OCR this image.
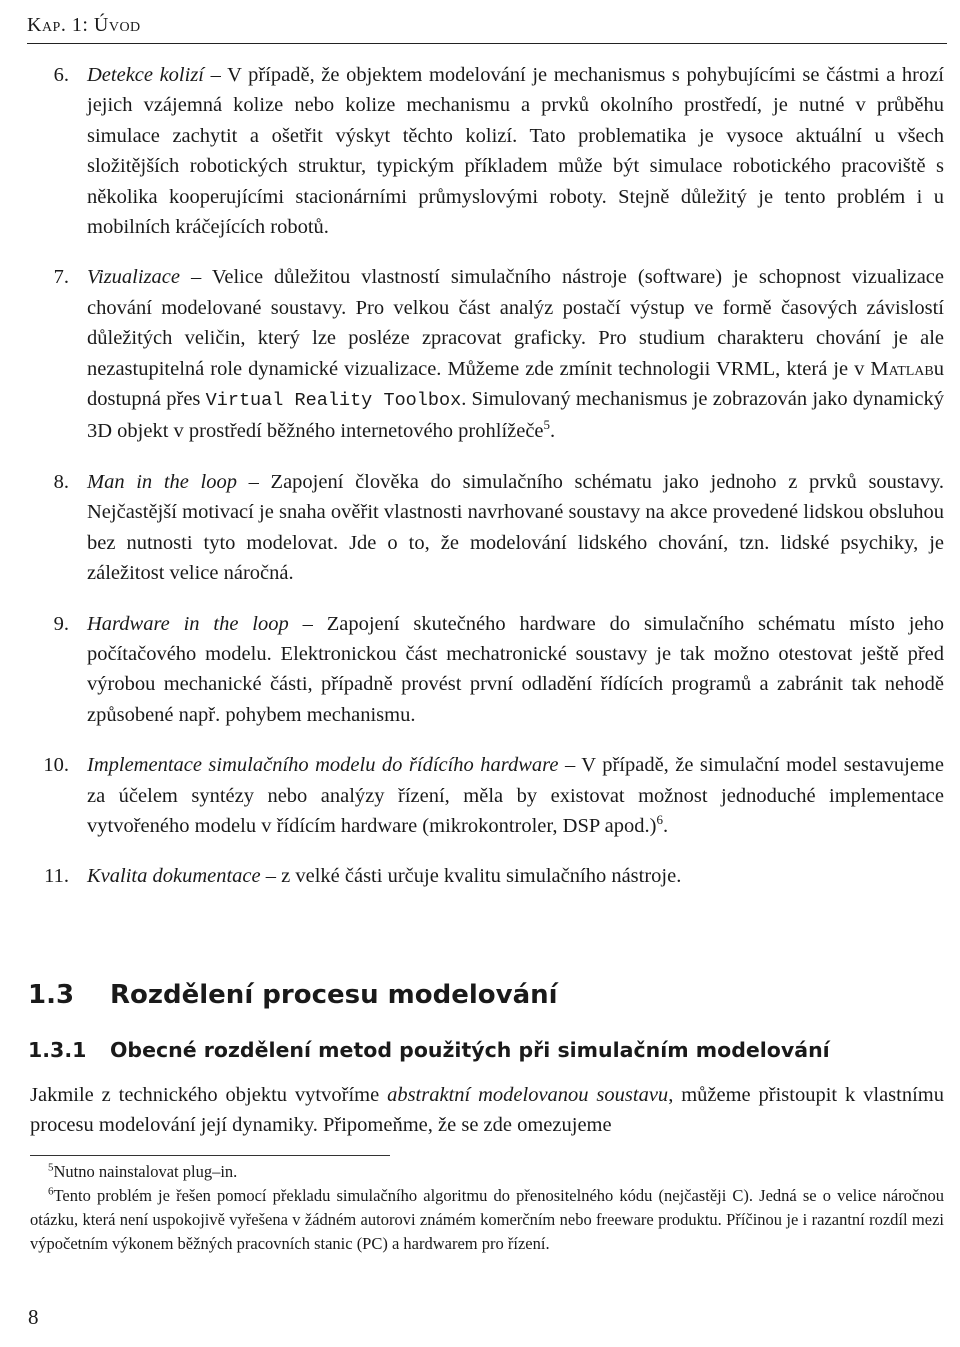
Kap. 1: Úvod
6. Detekce kolizí – V případě, že objektem modelování je mechanismus s pohybujícími se částmi a hrozí jejich vzájemná kolize nebo kolize mechanismu a prvků okolního prostředí, je nutné v průběhu simulace zachytit a ošetřit výskyt těchto kolizí. Tato problematika je vysoce aktuální u všech složitějších robotických struktur, typickým příkladem může být simulace robotického pracoviště s několika kooperujícími stacionárními průmyslovými roboty. Stejně důležitý je tento problém i u mobilních kráčejících robotů.
7. Vizualizace – Velice důležitou vlastností simulačního nástroje (software) je schopnost vizualizace chování modelované soustavy. Pro velkou část analýz postačí výstup ve formě časových závislostí důležitých veličin, který lze posléze zpracovat graficky. Pro studium charakteru chování je ale nezastupitelná role dynamické vizualizace. Můžeme zde zmínit technologii VRML, která je v Matlabu dostupná přes Virtual Reality Toolbox. Simulovaný mechanismus je zobrazován jako dynamický 3D objekt v prostředí běžného internetového prohlížeče$^5$.
8. Man in the loop – Zapojení člověka do simulačního schématu jako jednoho z prvků soustavy. Nejčastější motivací je snaha ověřit vlastnosti navrhované soustavy na akce provedené lidskou obsluhou bez nutnosti tyto modelovat. Jde o to, že modelování lidského chování, tzn. lidské psychiky, je záležitost velice náročná.
9. Hardware in the loop – Zapojení skutečného hardware do simulačního schématu místo jeho počítačového modelu. Elektronickou část mechatronické soustavy je tak možno otestovat ještě před výrobou mechanické části, případně provést první odladění řídících programů a zabránit tak nehodě způsobené např. pohybem mechanismu.
10. Implementace simulačního modelu do řídícího hardware – V případě, že simulační model sestavujeme za účelem syntézy nebo analýzy řízení, měla by existovat možnost jednoduché implementace vytvořeného modelu v řídícím hardware (mikrokontroler, DSP apod.)$^6$.
11. Kvalita dokumentace – z velké části určuje kvalitu simulačního nástroje.
1.3 Rozdělení procesu modelování
1.3.1 Obecné rozdělení metod použitých při simulačním modelování

Jakmile z technického objektu vytvoříme abstraktní modelovanou soustavu, můžeme přistoupit k vlastnímu procesu modelování její dynamiky. Připomeňme, že se zde omezujeme

$^5$Nutno nainstalovat plug–in.

$^6$Tento problém je řešen pomocí překladu simulačního algoritmu do přenositelného kódu (nejčastěji C). Jedná se o velice náročnou otázku, která není uspokojivě vyřešena v žádném autorovi známém komerčním nebo freeware produktu. Příčinou je i razantní rozdíl mezi výpočetním výkonem běžných pracovních stanic (PC) a hardwarem pro řízení.

8
